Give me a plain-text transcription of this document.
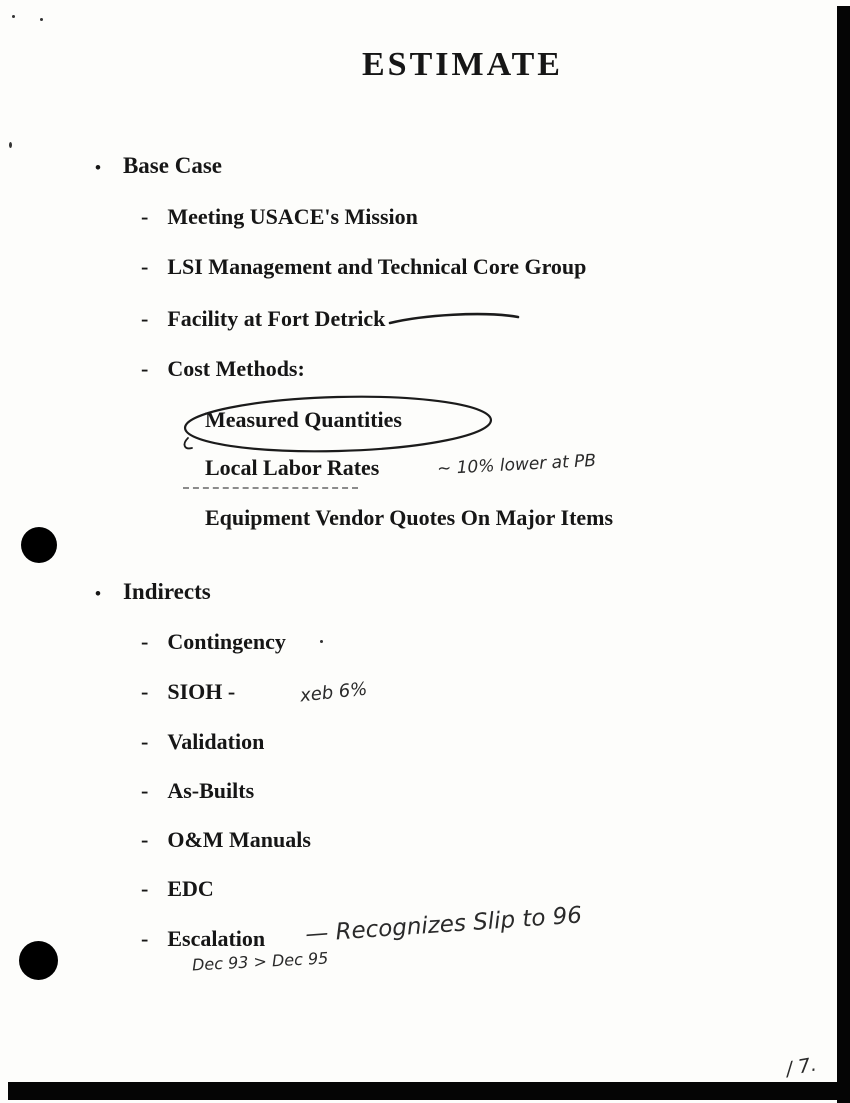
ESTIMATE
• Base Case
- Meeting USACE's Mission
- LSI Management and Technical Core Group
- Facility at Fort Detrick
- Cost Methods:
Measured Quantities
Local Labor Rates	~ 10% lower at PB
Equipment Vendor Quotes On Major Items
• Indirects
- Contingency
- SIOH -	xeb 6%
- Validation
- As-Builts
- O&M Manuals
- EDC
- Escalation — Recognizes Slip to 96
Dec 93 > Dec 95
/ 7.
